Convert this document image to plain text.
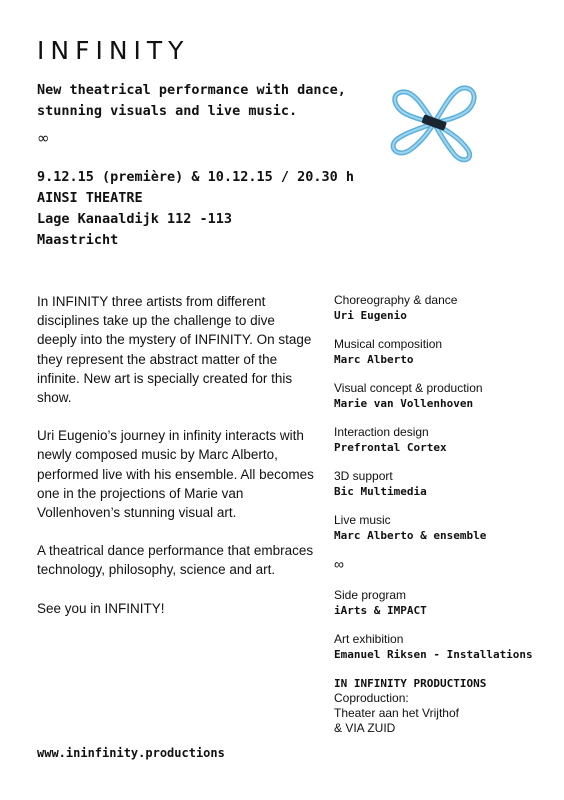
INFINITY
New theatrical performance with dance,
stunning visuals and live music.
∞
9.12.15 (première) & 10.12.15 / 20.30 h
AINSI THEATRE
Lage Kanaaldijk 112 -113
Maastricht

In INFINITY three artists from different disciplines take up the challenge to dive deeply into the mystery of INFINITY. On stage they represent the abstract matter of the infinite. New art is specially created for this show.

Uri Eugenio’s journey in infinity interacts with newly composed music by Marc Alberto, performed live with his ensemble. All becomes one in the projections of Marie van Vollenhoven’s stunning visual art.

A theatrical dance performance that embraces technology, philosophy, science and art.

See you in INFINITY!

Choreography & dance
Uri Eugenio
Musical composition
Marc Alberto
Visual concept & production
Marie van Vollenhoven
Interaction design
Prefrontal Cortex
3D support
Bic Multimedia
Live music
Marc Alberto & ensemble
∞
Side program
iArts & IMPACT
Art exhibition
Emanuel Riksen - Installations
IN INFINITY PRODUCTIONS
Coproduction:
Theater aan het Vrijthof
& VIA ZUID
www.ininfinity.productions
